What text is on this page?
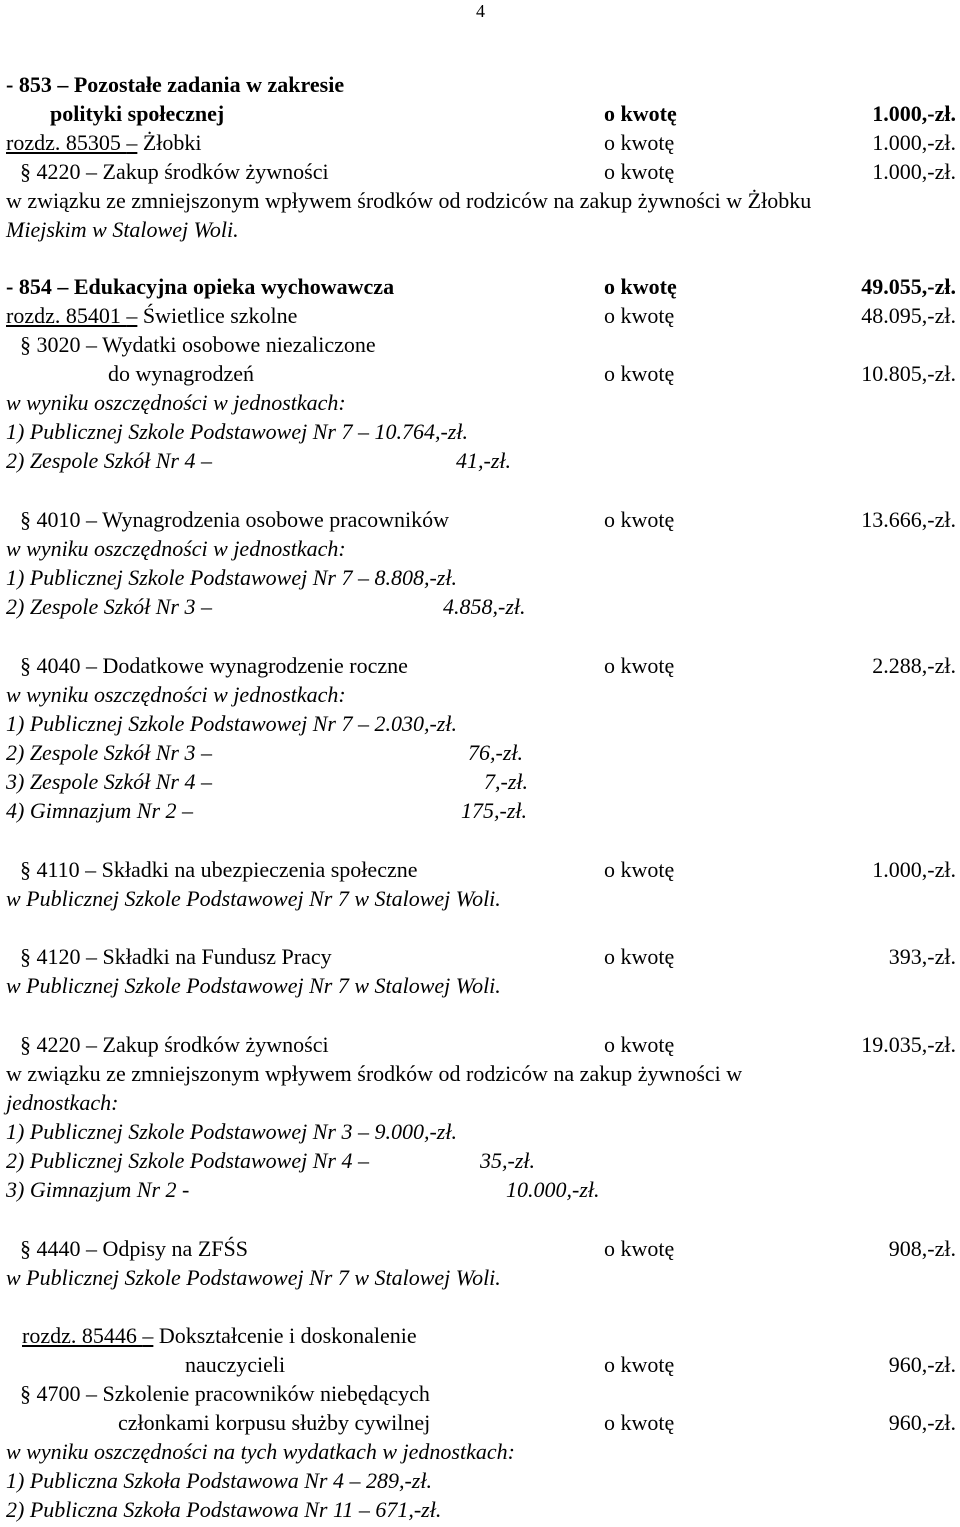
4
- 853 – Pozostałe zadania w zakresie
polityki społecznej	o kwotę	1.000,-zł.
rozdz. 85305 – Żłobki	o kwotę	1.000,-zł.
§ 4220 – Zakup środków żywności	o kwotę	1.000,-zł.
w związku ze zmniejszonym wpływem środków od rodziców na zakup żywności w Żłobku
Miejskim w Stalowej Woli.
- 854 – Edukacyjna opieka wychowawcza	o kwotę	49.055,-zł.
rozdz. 85401 – Świetlice szkolne	o kwotę	48.095,-zł.
§ 3020 – Wydatki osobowe niezaliczone
do wynagrodzeń	o kwotę	10.805,-zł.
w wyniku oszczędności w jednostkach:
1) Publicznej Szkole Podstawowej Nr 7 – 10.764,-zł.
2) Zespole Szkół Nr 4 –	41,-zł.
§ 4010 – Wynagrodzenia osobowe pracowników	o kwotę	13.666,-zł.
w wyniku oszczędności w jednostkach:
1) Publicznej Szkole Podstawowej Nr 7 – 8.808,-zł.
2) Zespole Szkół Nr 3 –	4.858,-zł.
§ 4040 – Dodatkowe wynagrodzenie roczne	o kwotę	2.288,-zł.
w wyniku oszczędności w jednostkach:
1) Publicznej Szkole Podstawowej Nr 7 – 2.030,-zł.
2) Zespole Szkół Nr 3 –	76,-zł.
3) Zespole Szkół Nr 4 –	7,-zł.
4) Gimnazjum Nr 2 –	175,-zł.
§ 4110 – Składki na ubezpieczenia społeczne	o kwotę	1.000,-zł.
w Publicznej Szkole Podstawowej Nr 7 w Stalowej Woli.
§ 4120 – Składki na Fundusz Pracy	o kwotę	393,-zł.
w Publicznej Szkole Podstawowej Nr 7 w Stalowej Woli.
§ 4220 – Zakup środków żywności	o kwotę	19.035,-zł.
w związku ze zmniejszonym wpływem środków od rodziców na zakup żywności w
jednostkach:
1) Publicznej Szkole Podstawowej Nr 3 – 9.000,-zł.
2) Publicznej Szkole Podstawowej Nr 4 –	35,-zł.
3) Gimnazjum Nr 2 -	10.000,-zł.
§ 4440 – Odpisy na ZFŚS	o kwotę	908,-zł.
w Publicznej Szkole Podstawowej Nr 7 w Stalowej Woli.
rozdz. 85446 – Dokształcenie i doskonalenie
nauczycieli	o kwotę	960,-zł.
§ 4700 – Szkolenie pracowników niebędących
członkami korpusu służby cywilnej	o kwotę	960,-zł.
w wyniku oszczędności na tych wydatkach w jednostkach:
1) Publiczna Szkoła Podstawowa Nr 4 – 289,-zł.
2) Publiczna Szkoła Podstawowa Nr 11 – 671,-zł.
